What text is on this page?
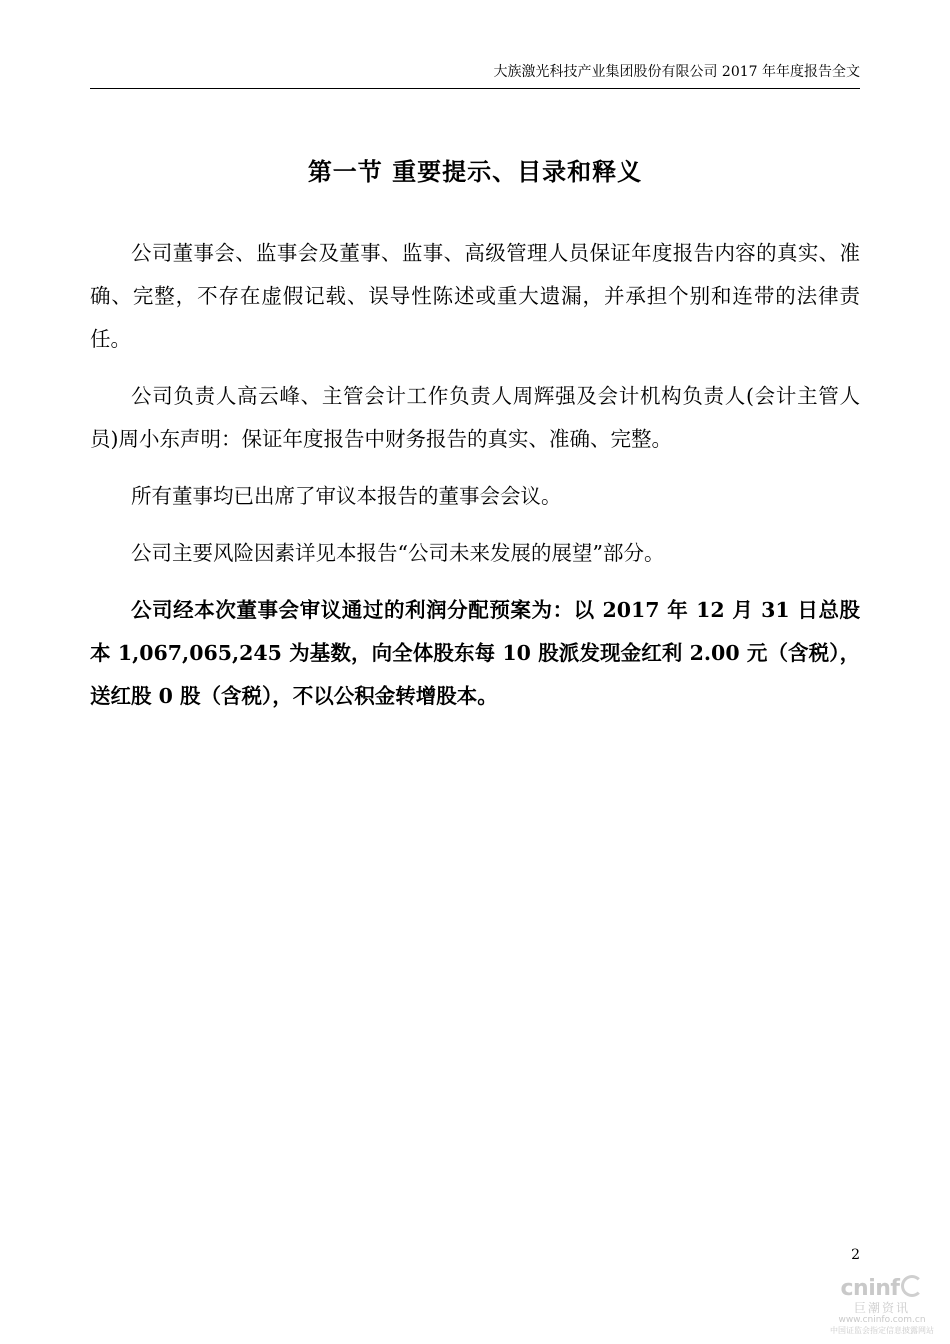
大族激光科技产业集团股份有限公司 2017 年年度报告全文
第一节 重要提示、目录和释义

公司董事会、监事会及董事、监事、高级管理人员保证年度报告内容的真实、准确、完整，不存在虚假记载、误导性陈述或重大遗漏，并承担个别和连带的法律责任。

公司负责人高云峰、主管会计工作负责人周辉强及会计机构负责人(会计主管人员)周小东声明：保证年度报告中财务报告的真实、准确、完整。

所有董事均已出席了审议本报告的董事会会议。

公司主要风险因素详见本报告“公司未来发展的展望”部分。

公司经本次董事会审议通过的利润分配预案为：以 2017 年 12 月 31 日总股本 1,067,065,245 为基数，向全体股东每 10 股派发现金红利 2.00 元（含税），送红股 0 股（含税），不以公积金转增股本。

2
cninf
巨潮资讯
www.cninfo.com.cn
中国证监会指定信息披露网站
